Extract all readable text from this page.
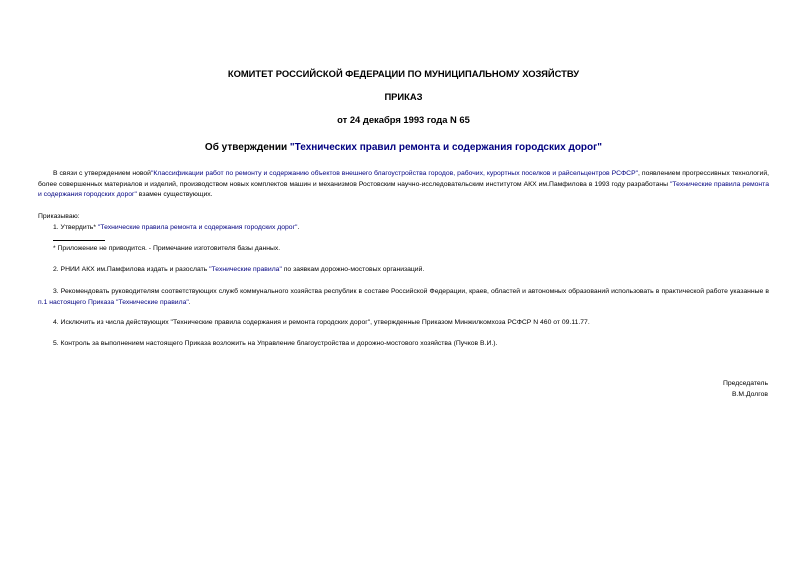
КОМИТЕТ РОССИЙСКОЙ ФЕДЕРАЦИИ ПО МУНИЦИПАЛЬНОМУ ХОЗЯЙСТВУ
ПРИКАЗ
от 24 декабря 1993 года N 65
Об утверждении "Технических правил ремонта и содержания городских дорог"
В связи с утверждением новой"Классификации работ по ремонту и содержанию объектов внешнего благоустройства городов, рабочих, курортных поселков и райсельцентров РСФСР", появлением прогрессивных технологий, более совершенных материалов и изделий, производством новых комплектов машин и механизмов Ростовским научно-исследовательским институтом АКХ им.Памфилова в 1993 году разработаны "Технические правила ремонта и содержания городских дорог" взамен существующих.
Приказываю:
1. Утвердить* "Технические правила ремонта и содержания городских дорог".
* Приложение не приводится. - Примечание изготовителя базы данных.
2. РНИИ АКХ им.Памфилова издать и разослать "Технические правила" по заявкам дорожно-мостовых организаций.
3. Рекомендовать руководителям соответствующих служб коммунального хозяйства республик в составе Российской Федерации, краев, областей и автономных образований использовать в практической работе указанные в п.1 настоящего Приказа "Технические правила".
4. Исключить из числа действующих "Технические правила содержания и ремонта городских дорог", утвержденные Приказом Минжилкомхоза РСФСР N 460 от 09.11.77.
5. Контроль за выполнением настоящего Приказа возложить на Управление благоустройства и дорожно-мостового хозяйства (Пучков В.И.).
Председатель
В.М.Долгов
